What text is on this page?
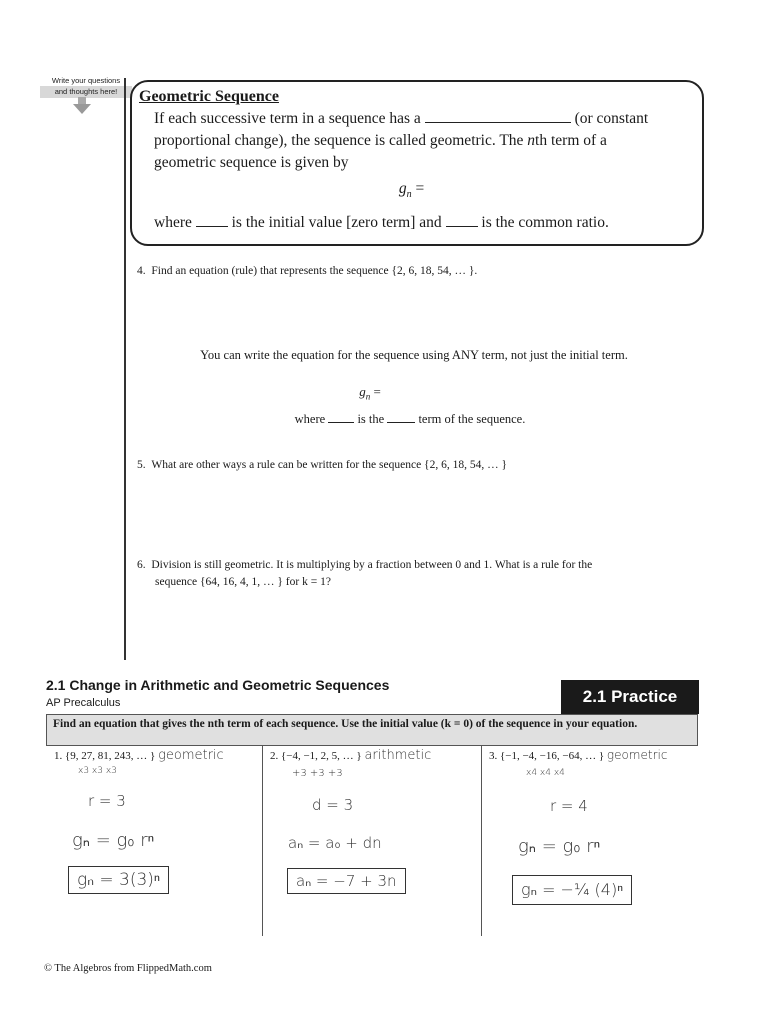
Write your questions
and thoughts here!	Geometric Sequence
If each successive term in a sequence has a	(or constant
proportional change), the sequence is called geometric. The nth term of a
geometric sequence is given by
$g_n$ =
where	is the initial value [zero term] and	is the common ratio.
4. Find an equation (rule) that represents the sequence {2, 6, 18, 54, … }.
You can write the equation for the sequence using ANY term, not just the initial term.
$g_n$ =
where	is the	term of the sequence.
5. What are other ways a rule can be written for the sequence {2, 6, 18, 54, … }
6. Division is still geometric. It is multiplying by a fraction between 0 and 1. What is a rule for the
sequence {64, 16, 4, 1, … } for k = 1?
2.1 Change in Arithmetic and Geometric Sequences
AP Precalculus	2.1 Practice
Find an equation that gives the nth term of each sequence. Use the initial value (k = 0) of the sequence in your equation.
1. {9, 27, 81, 243, … } geometric
x3 x3 x3
r = 3
gₙ = g₀ rⁿ
gₙ = 3(3)ⁿ
2. {−4, −1, 2, 5, … } arithmetic
+3 +3 +3
d = 3
aₙ = a₀ + dn
aₙ = −7 + 3n
3. {−1, −4, −16, −64, … } geometric
x4 x4 x4
r = 4
gₙ = g₀ rⁿ
gₙ = −¼ (4)ⁿ
© The Algebros from FlippedMath.com
